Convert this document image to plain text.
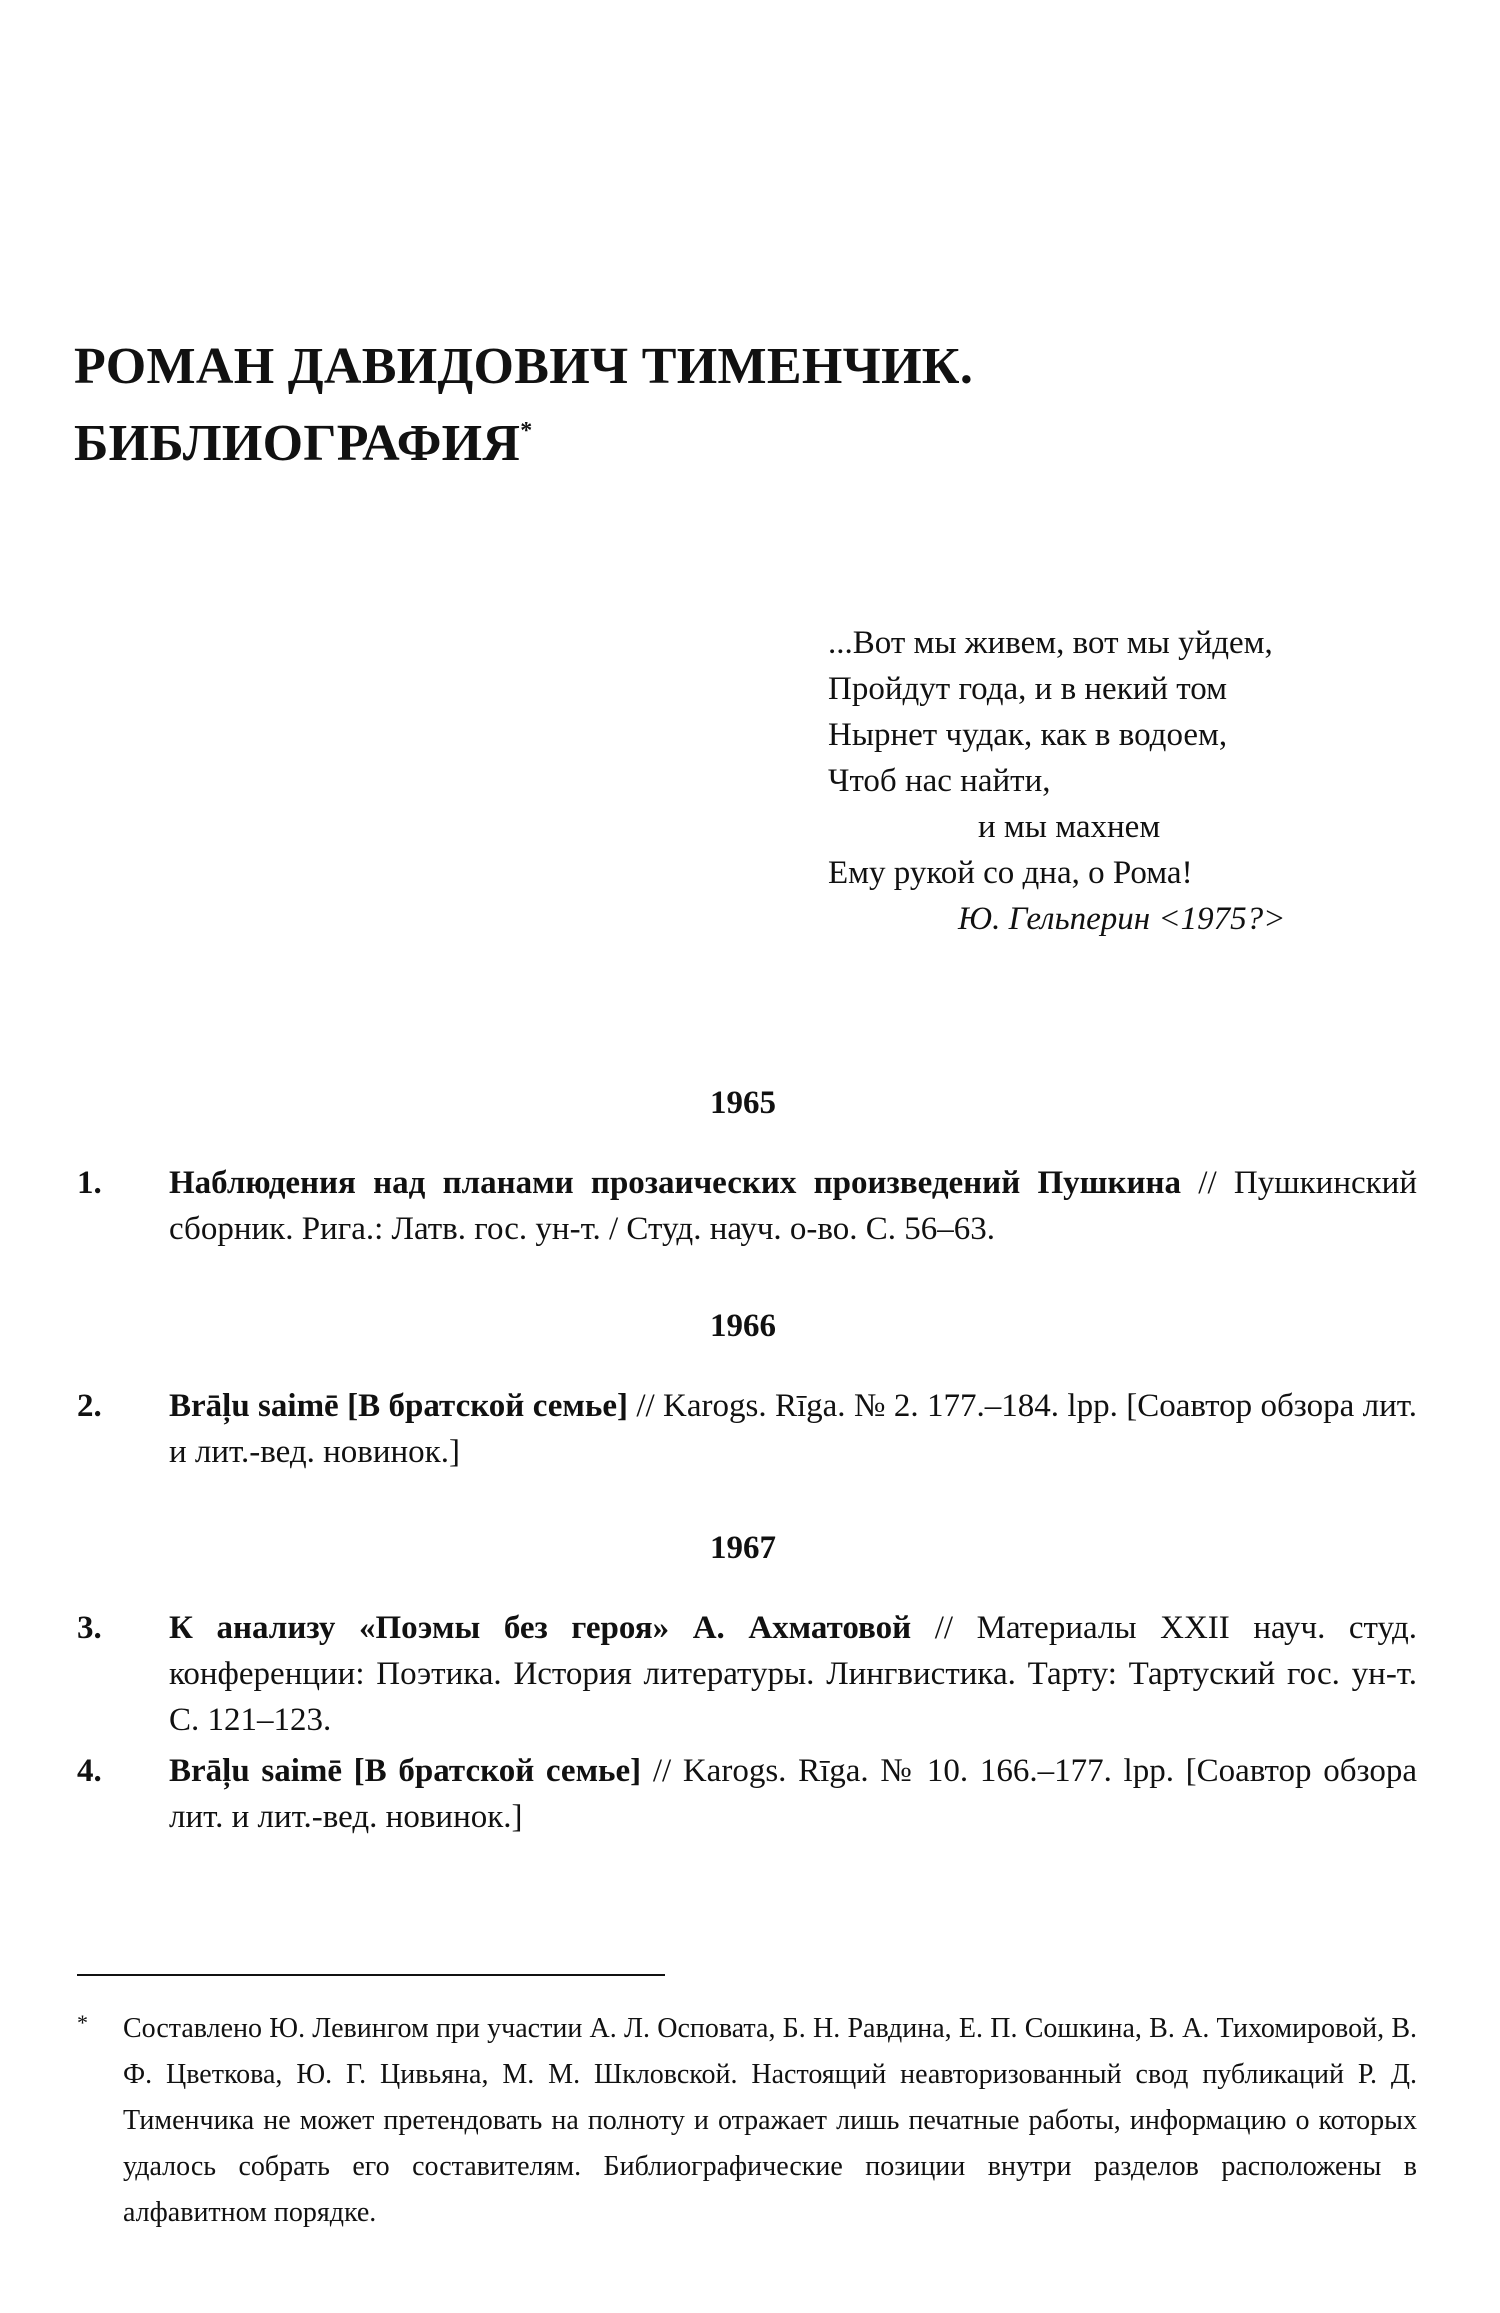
РОМАН ДАВИДОВИЧ ТИМЕНЧИК.
БИБЛИОГРАФИЯ*
...Вот мы живем, вот мы уйдем,
Пройдут года, и в некий том
Нырнет чудак, как в водоем,
Чтоб нас найти,
и мы махнем
Ему рукой со дна, о Рома!
Ю. Гельперин <1975?>
1965
1. Наблюдения над планами прозаических произведений Пушкина // Пушкинский сборник. Рига.: Латв. гос. ун-т. / Студ. науч. о-во. С. 56–63.
1966
2. Brāļu saimē [В братской семье] // Karogs. Rīga. № 2. 177.–184. lpp. [Соавтор обзора лит. и лит.-вед. новинок.]
1967
3. К анализу «Поэмы без героя» А. Ахматовой // Материалы XXII науч. студ. конференции: Поэтика. История литературы. Лингвистика. Тарту: Тартуский гос. ун-т. С. 121–123.
4. Brāļu saimē [В братской семье] // Karogs. Rīga. № 10. 166.–177. lpp. [Соавтор обзора лит. и лит.-вед. новинок.]
* Составлено Ю. Левингом при участии А. Л. Осповата, Б. Н. Равдина, Е. П. Сошкина, В. А. Тихомировой, В. Ф. Цветкова, Ю. Г. Цивьяна, М. М. Шкловской. Настоящий неавторизованный свод публикаций Р. Д. Тименчика не может претендовать на полноту и отражает лишь печатные работы, информацию о которых удалось собрать его составителям. Библиографические позиции внутри разделов расположены в алфавитном порядке.
